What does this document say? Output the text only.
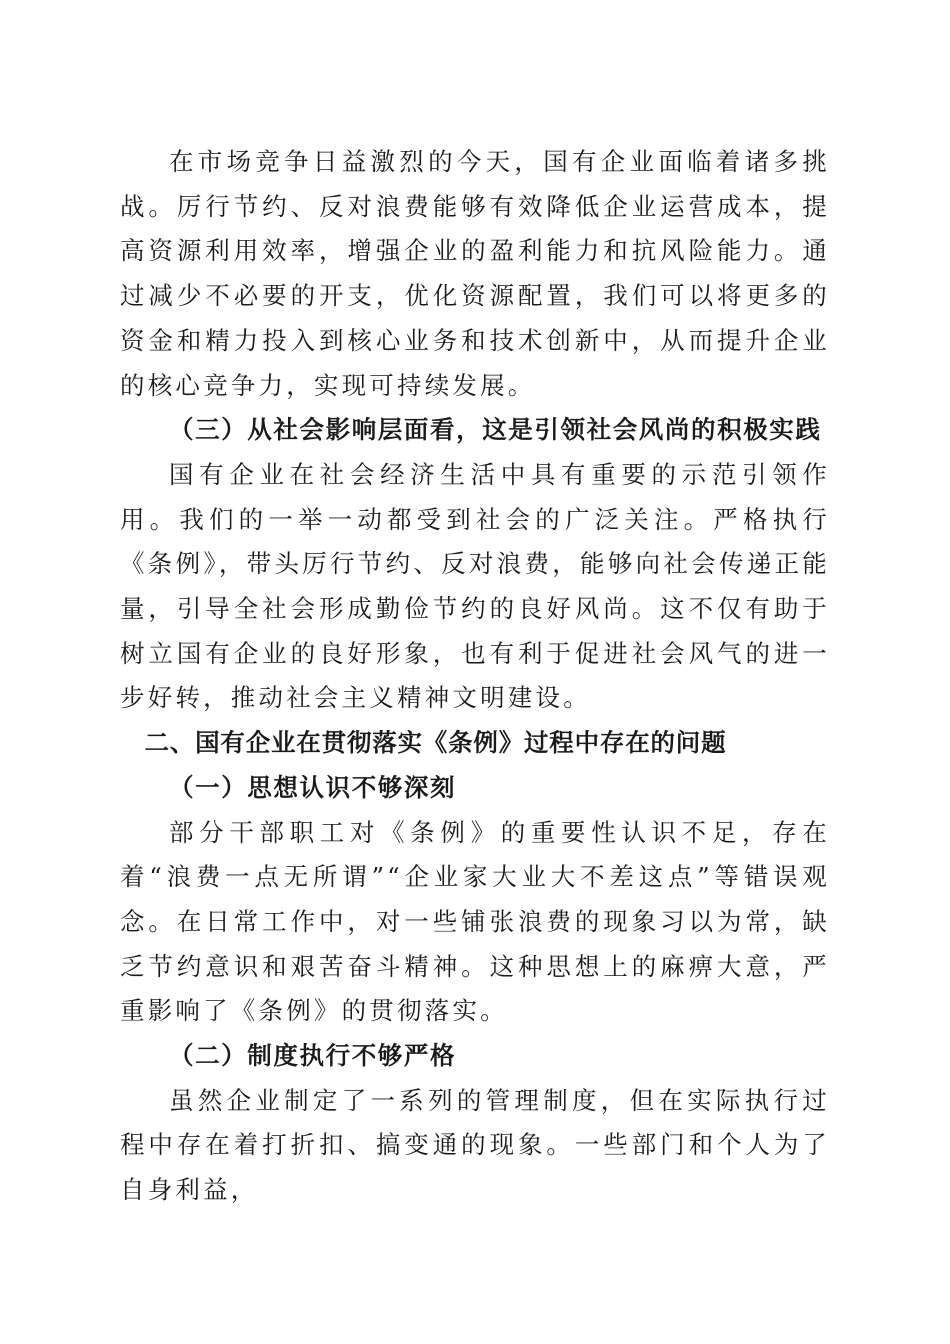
在市场竞争日益激烈的今天，国有企业面临着诸多挑战。厉行节约、反对浪费能够有效降低企业运营成本，提高资源利用效率，增强企业的盈利能力和抗风险能力。通过减少不必要的开支，优化资源配置，我们可以将更多的资金和精力投入到核心业务和技术创新中，从而提升企业的核心竞争力，实现可持续发展。

（三）从社会影响层面看，这是引领社会风尚的积极实践

国有企业在社会经济生活中具有重要的示范引领作用。我们的一举一动都受到社会的广泛关注。严格执行《条例》，带头厉行节约、反对浪费，能够向社会传递正能量，引导全社会形成勤俭节约的良好风尚。这不仅有助于树立国有企业的良好形象，也有利于促进社会风气的进一步好转，推动社会主义精神文明建设。

二、国有企业在贯彻落实《条例》过程中存在的问题

（一）思想认识不够深刻

部分干部职工对《条例》的重要性认识不足，存在着“浪费一点无所谓”“企业家大业大不差这点”等错误观念。在日常工作中，对一些铺张浪费的现象习以为常，缺乏节约意识和艰苦奋斗精神。这种思想上的麻痹大意，严重影响了《条例》的贯彻落实。

（二）制度执行不够严格

虽然企业制定了一系列的管理制度，但在实际执行过程中存在着打折扣、搞变通的现象。一些部门和个人为了自身利益，
